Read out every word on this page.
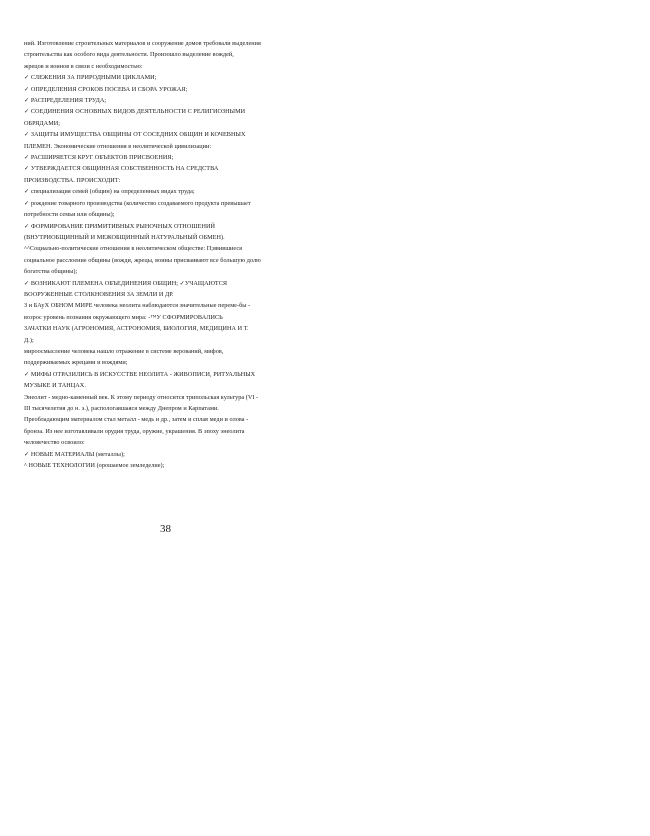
ний. Изготовление строительных материалов и сооружение домов требовали выделения
строительства как особого вида деятельности. Произошло выделение вождей,
жрецов и воинов в связи с необходимостью:
✓ СЛЕЖЕНИЯ ЗА ПРИРОДНЫМИ ЦИКЛАМИ;
✓ ОПРЕДЕЛЕНИЯ СРОКОВ ПОСЕВА И СБОРА УРОЖАЯ;
✓ РАСПРЕДЕЛЕНИЯ ТРУДА;
✓ СОЕДИНЕНИЯ ОСНОВНЫХ ВИДОВ ДЕЯТЕЛЬНОСТИ С РЕЛИГИОЗНЫМИ
ОБРЯДАМИ;
✓ ЗАЩИТЫ ИМУЩЕСТВА ОБЩИНЫ ОТ СОСЕДНИХ ОБЩИН И КОЧЕВНЫХ
ПЛЕМЕН. Экономические отношения в неолитической цивилизации:
✓ РАСШИРЯЕТСЯ КРУГ ОБЪЕКТОВ ПРИСВОЕНИЯ;
✓ УТВЕРЖДАЕТСЯ ОБЩИННАЯ СОБСТВЕННОСТЬ НА СРЕДСТВА
ПРОИЗВОДСТВА. ПРОИСХОДИТ:
✓ специализация семей (общин) на определенных видах труда;
✓ рождение товарного производства (количество создаваемого продукта превышает
потребности семьи или общины);
✓ ФОРМИРОВАНИЕ ПРИМИТИВНЫХ РЫНОЧНЫХ ОТНОШЕНИЙ
(ВНУТРИОБЩИННЫЙ И МЕЖОБЩИННЫЙ НАТУРАЛЬНЫЙ ОБМЕН).
^^Социально-политические отношения в неолитическом обществе: П;явившиеся
социальное расслоение общины (вожди, жрецы, воины присваивают все большую долю
богатства общины);
✓ ВОЗНИКАЮТ ПЛЕМЕНА ОБЪЕДИНЕНИЯ ОБЩИН; ✓УЧАЩАЮТСЯ
ВООРУЖЕННЫЕ СТОЛКНОВЕНИЯ ЗА ЗЕМЛИ И ДР.
З и БАуХ ОБНОМ МИРЕ человека неолита наблюдаются значительные переме-бы -
возрос уровень познания окружающего мира: -™У СФОРМИРОВАЛИСЬ
ЗАЧАТКИ НАУК (АГРОНОМИЯ, АСТРОНОМИЯ, БИОЛОГИЯ, МЕДИЦИНА И Т.
Д.);
мироосмысление человека нашло отражение в системе верований, мифов,
поддерживаемых жрецами и вождями;
✓ МИФЫ ОТРАЗИЛИСЬ В ИСКУССТВЕ НЕОЛИТА - ЖИВОПИСИ, РИТУАЛЬНЫХ
МУЗЫКЕ И ТАНЦАХ.
Энеолит - медно-каменный век. К этому периоду относится трипольская культура (VI -
III тысячелетия до н. э.), распологавшаяся между Днепром и Карпатами.
Преобладающим материалом стал металл - медь и др., затем и сплав меди и олова -
бронза. Из нее изготавливали орудия труда, оружие, украшения. В эпоху энеолита
человечество освоило:
✓ НОВЫЕ МАТЕРИАЛЫ (металлы);
^ НОВЫЕ ТЕХНОЛОГИИ (орошаемое земледелие);
38
